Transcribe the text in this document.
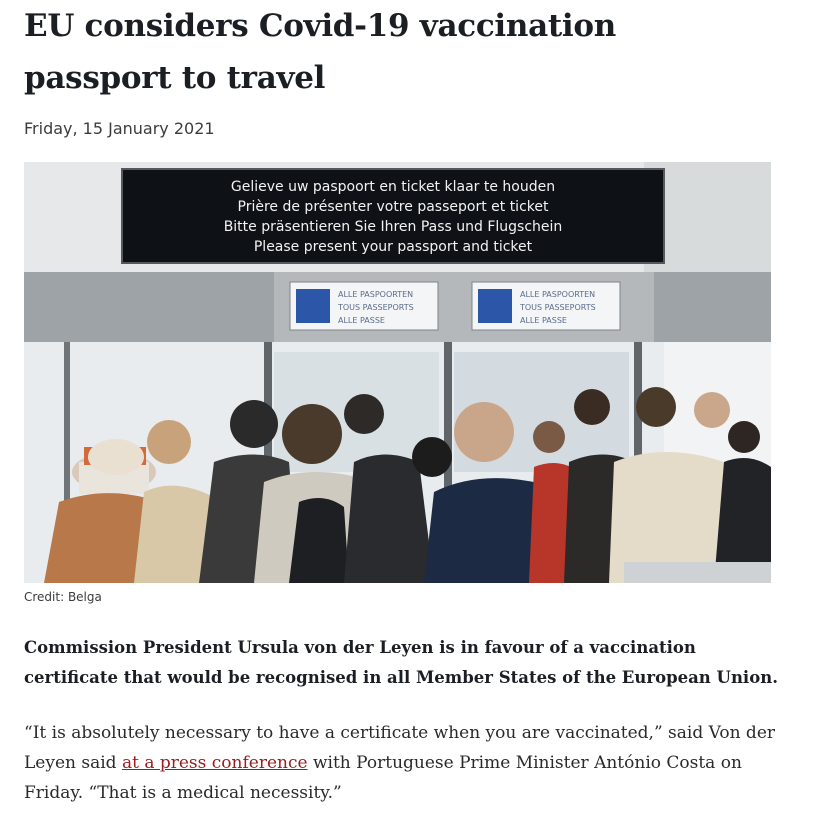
EU considers Covid-19 vaccination
passport to travel
Friday, 15 January 2021
Gelieve uw paspoort en ticket klaar te houden
Prière de présenter votre passeport et ticket
Bitte präsentieren Sie Ihren Pass und Flugschein
Please present your passport and ticket
ALLE PASPOORTEN
TOUS PASSEPORTS
ALLE PASSE
ALLE PASPOORTEN
TOUS PASSEPORTS
ALLE PASSE
Credit: Belga

Commission President Ursula von der Leyen is in favour of a vaccination certificate that would be recognised in all Member States of the European Union.

“It is absolutely necessary to have a certificate when you are vaccinated,” said Von der Leyen said at a press conference with Portuguese Prime Minister António Costa on Friday. “That is a medical necessity.”
